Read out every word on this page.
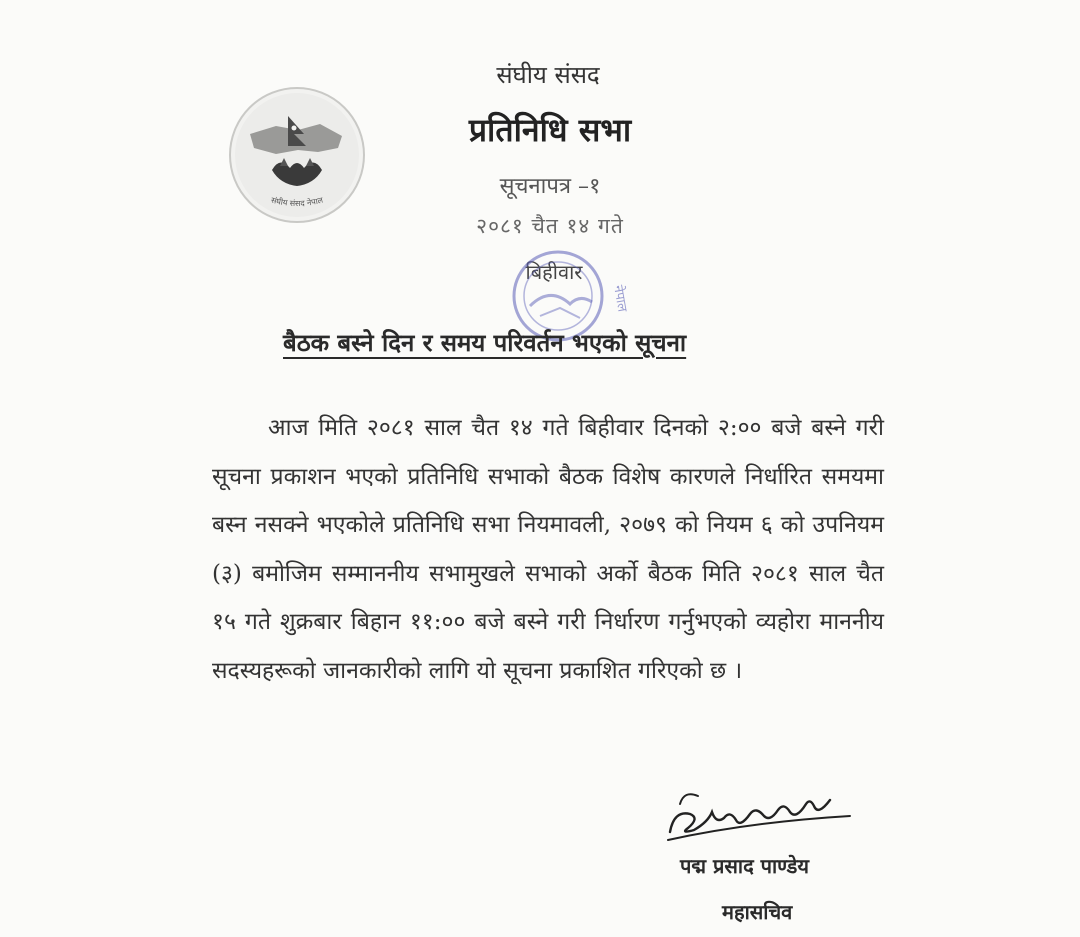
संघीय संसद नेपाल
संघीय संसद
प्रतिनिधि सभा
सूचनापत्र –१
२०८१ चैत १४ गते
बिहीवार
नेपाल
बैठक बस्ने दिन र समय परिवर्तन भएको सूचना

आज मिति २०८१ साल चैत १४ गते बिहीवार दिनको २:०० बजे बस्ने गरी सूचना प्रकाशन भएको प्रतिनिधि सभाको बैठक विशेष कारणले निर्धारित समयमा बस्न नसक्ने भएकोले प्रतिनिधि सभा नियमावली, २०७९ को नियम ६ को उपनियम (३) बमोजिम सम्माननीय सभामुखले सभाको अर्को बैठक मिति २०८१ साल चैत १५ गते शुक्रबार बिहान ११:०० बजे बस्ने गरी निर्धारण गर्नुभएको व्यहोरा माननीय सदस्यहरूको जानकारीको लागि यो सूचना प्रकाशित गरिएको छ ।

पद्म प्रसाद पाण्डेय
महासचिव
